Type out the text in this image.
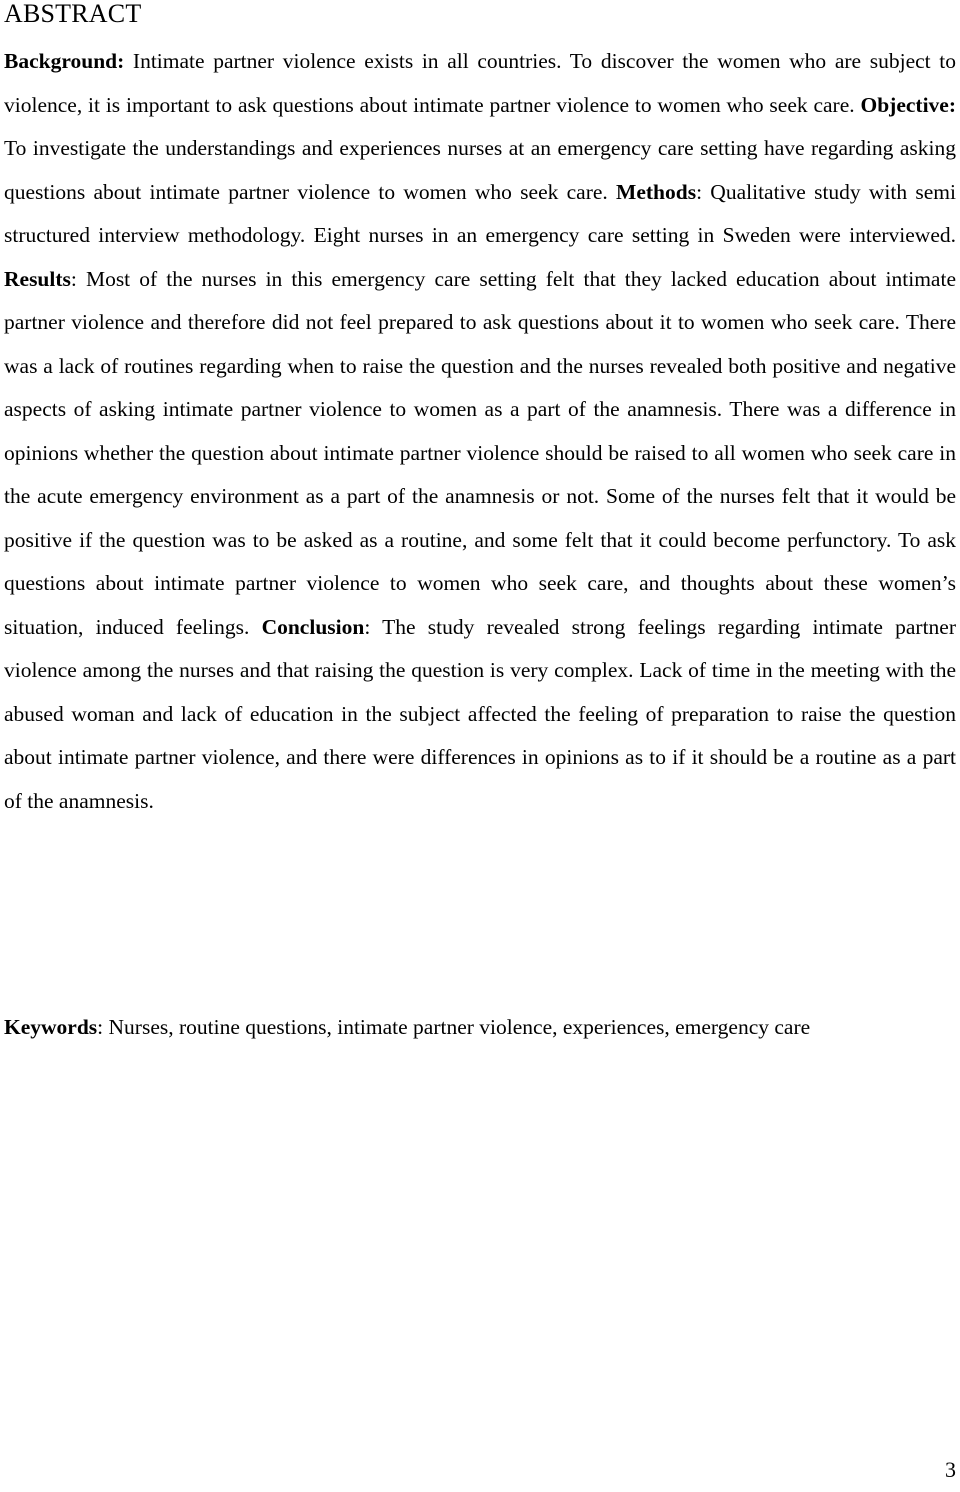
ABSTRACT

Background: Intimate partner violence exists in all countries. To discover the women who are subject to violence, it is important to ask questions about intimate partner violence to women who seek care. Objective: To investigate the understandings and experiences nurses at an emergency care setting have regarding asking questions about intimate partner violence to women who seek care. Methods: Qualitative study with semi structured interview methodology. Eight nurses in an emergency care setting in Sweden were interviewed. Results: Most of the nurses in this emergency care setting felt that they lacked education about intimate partner violence and therefore did not feel prepared to ask questions about it to women who seek care. There was a lack of routines regarding when to raise the question and the nurses revealed both positive and negative aspects of asking intimate partner violence to women as a part of the anamnesis. There was a difference in opinions whether the question about intimate partner violence should be raised to all women who seek care in the acute emergency environment as a part of the anamnesis or not. Some of the nurses felt that it would be positive if the question was to be asked as a routine, and some felt that it could become perfunctory. To ask questions about intimate partner violence to women who seek care, and thoughts about these women’s situation, induced feelings. Conclusion: The study revealed strong feelings regarding intimate partner violence among the nurses and that raising the question is very complex. Lack of time in the meeting with the abused woman and lack of education in the subject affected the feeling of preparation to raise the question about intimate partner violence, and there were differences in opinions as to if it should be a routine as a part of the anamnesis.

Keywords: Nurses, routine questions, intimate partner violence, experiences, emergency care

3
